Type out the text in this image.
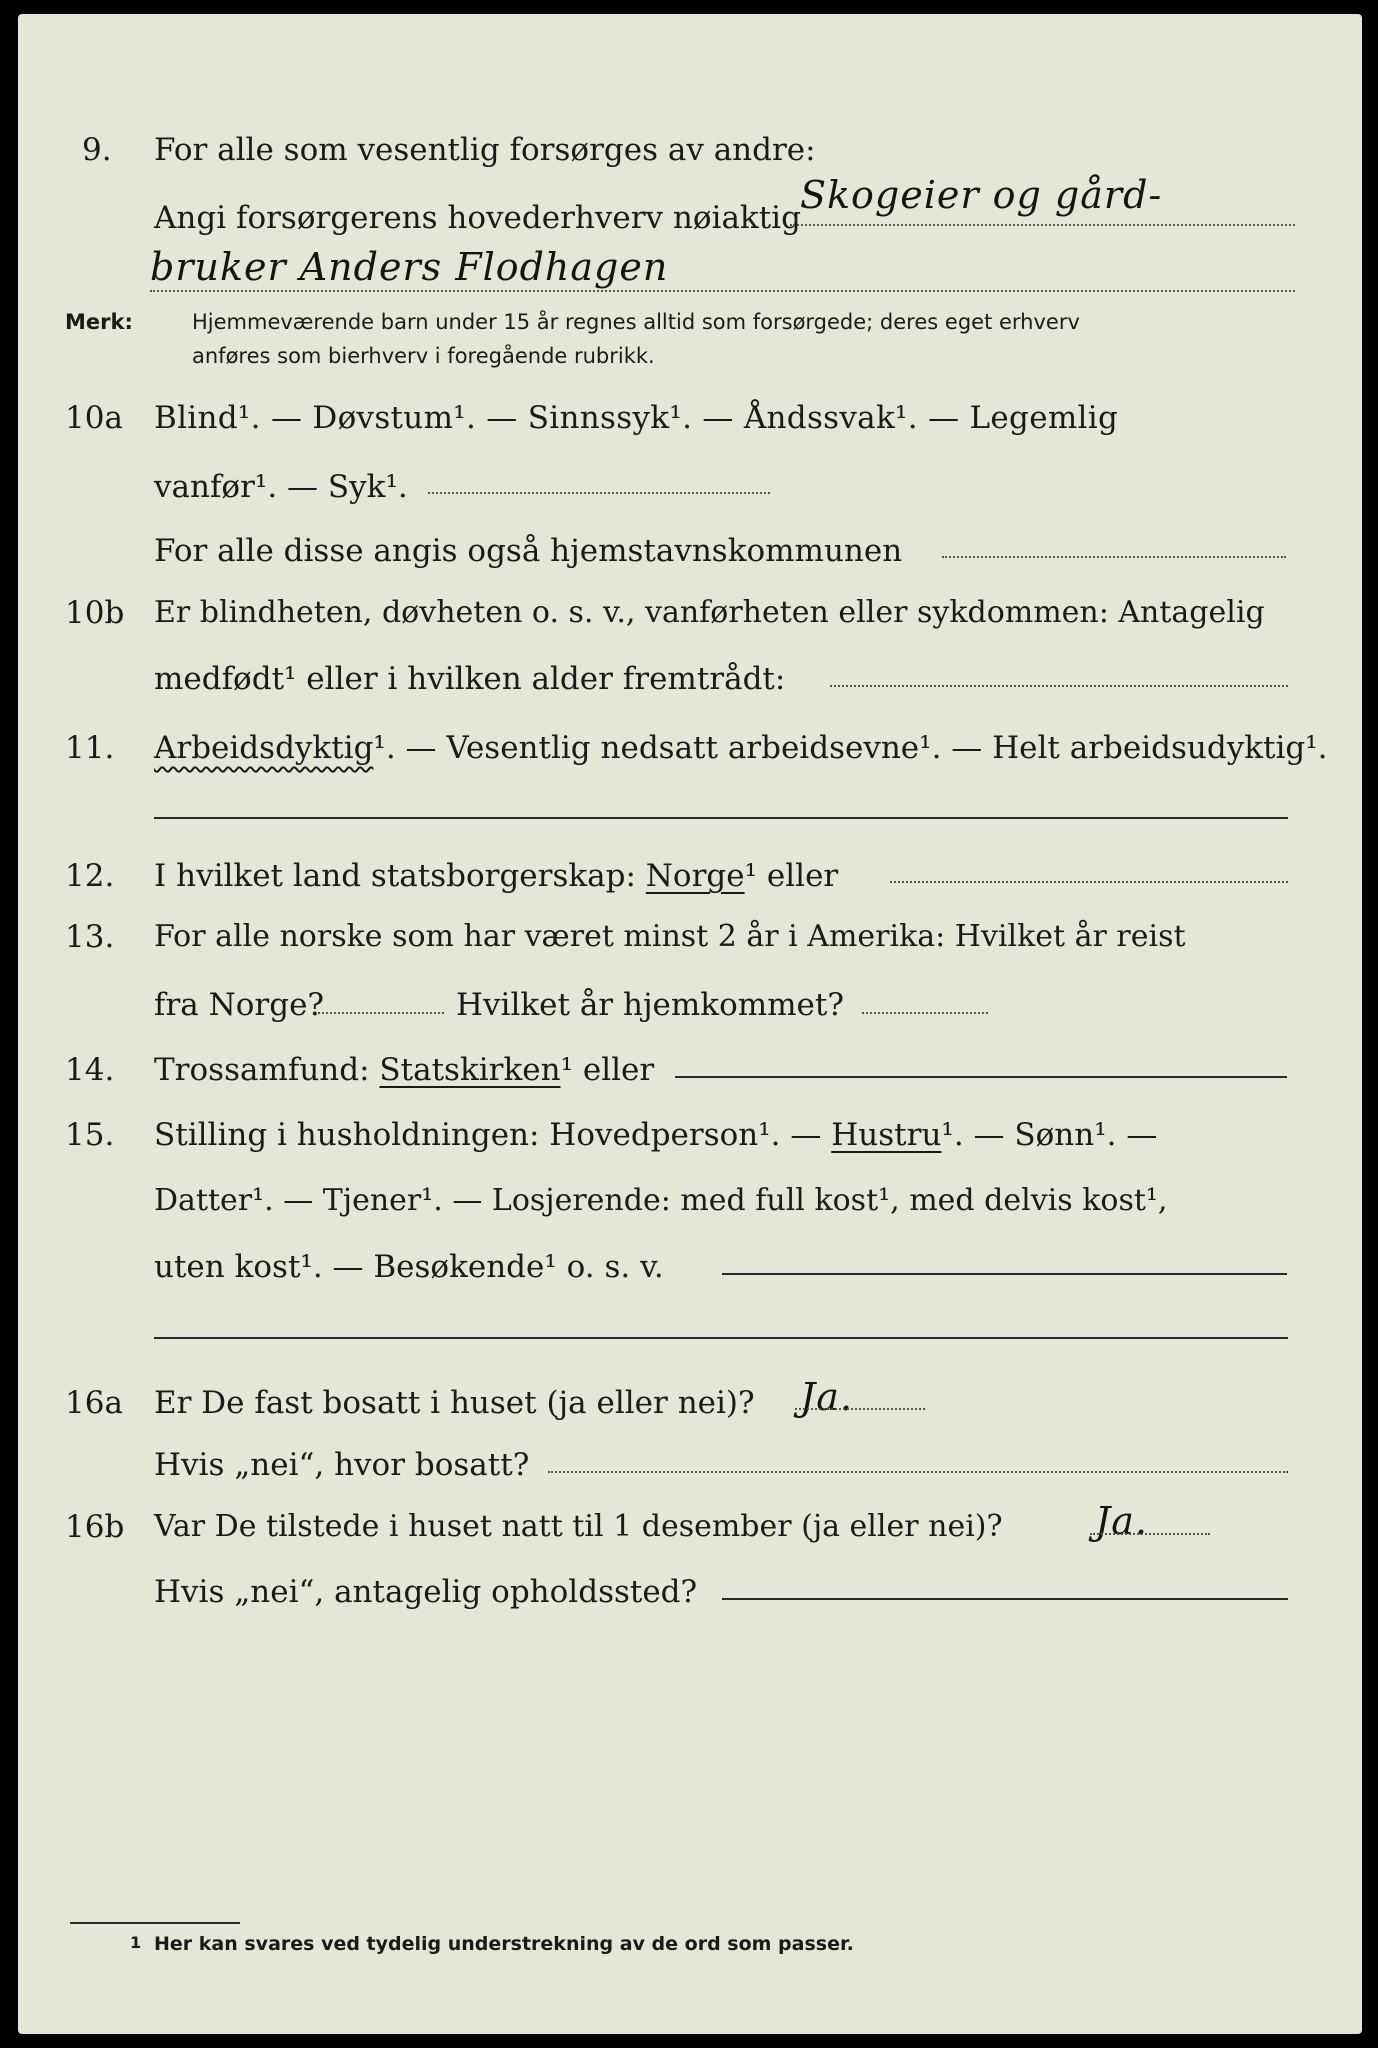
9. For alle som vesentlig forsørges av andre:
Angi forsørgerens hovederhverv nøiaktig
Skogeier og gård-
bruker Anders Flodhagen
Merk:	Hjemmeværende barn under 15 år regnes alltid som forsørgede; deres eget erhverv
anføres som bierhverv i foregående rubrikk.
10a Blind¹. — Døvstum¹. — Sinnssyk¹. — Åndssvak¹. — Legemlig
vanfør¹. — Syk¹.
For alle disse angis også hjemstavnskommunen
10b Er blindheten, døvheten o. s. v., vanførheten eller sykdommen: Antagelig
medfødt¹ eller i hvilken alder fremtrådt:
11. Arbeidsdyktig¹. — Vesentlig nedsatt arbeidsevne¹. — Helt arbeidsudyktig¹.
12. I hvilket land statsborgerskap: Norge¹ eller
13. For alle norske som har været minst 2 år i Amerika: Hvilket år reist
fra Norge?	Hvilket år hjemkommet?
14. Trossamfund: Statskirken¹ eller
15. Stilling i husholdningen: Hovedperson¹. — Hustru¹. — Sønn¹. —
Datter¹. — Tjener¹. — Losjerende: med full kost¹, med delvis kost¹,
uten kost¹. — Besøkende¹ o. s. v.
16a Er De fast bosatt i huset (ja eller nei)? Ja.
Hvis „nei“, hvor bosatt?
16b Var De tilstede i huset natt til 1 desember (ja eller nei)? Ja.
Hvis „nei“, antagelig opholdssted?
1 Her kan svares ved tydelig understrekning av de ord som passer.
